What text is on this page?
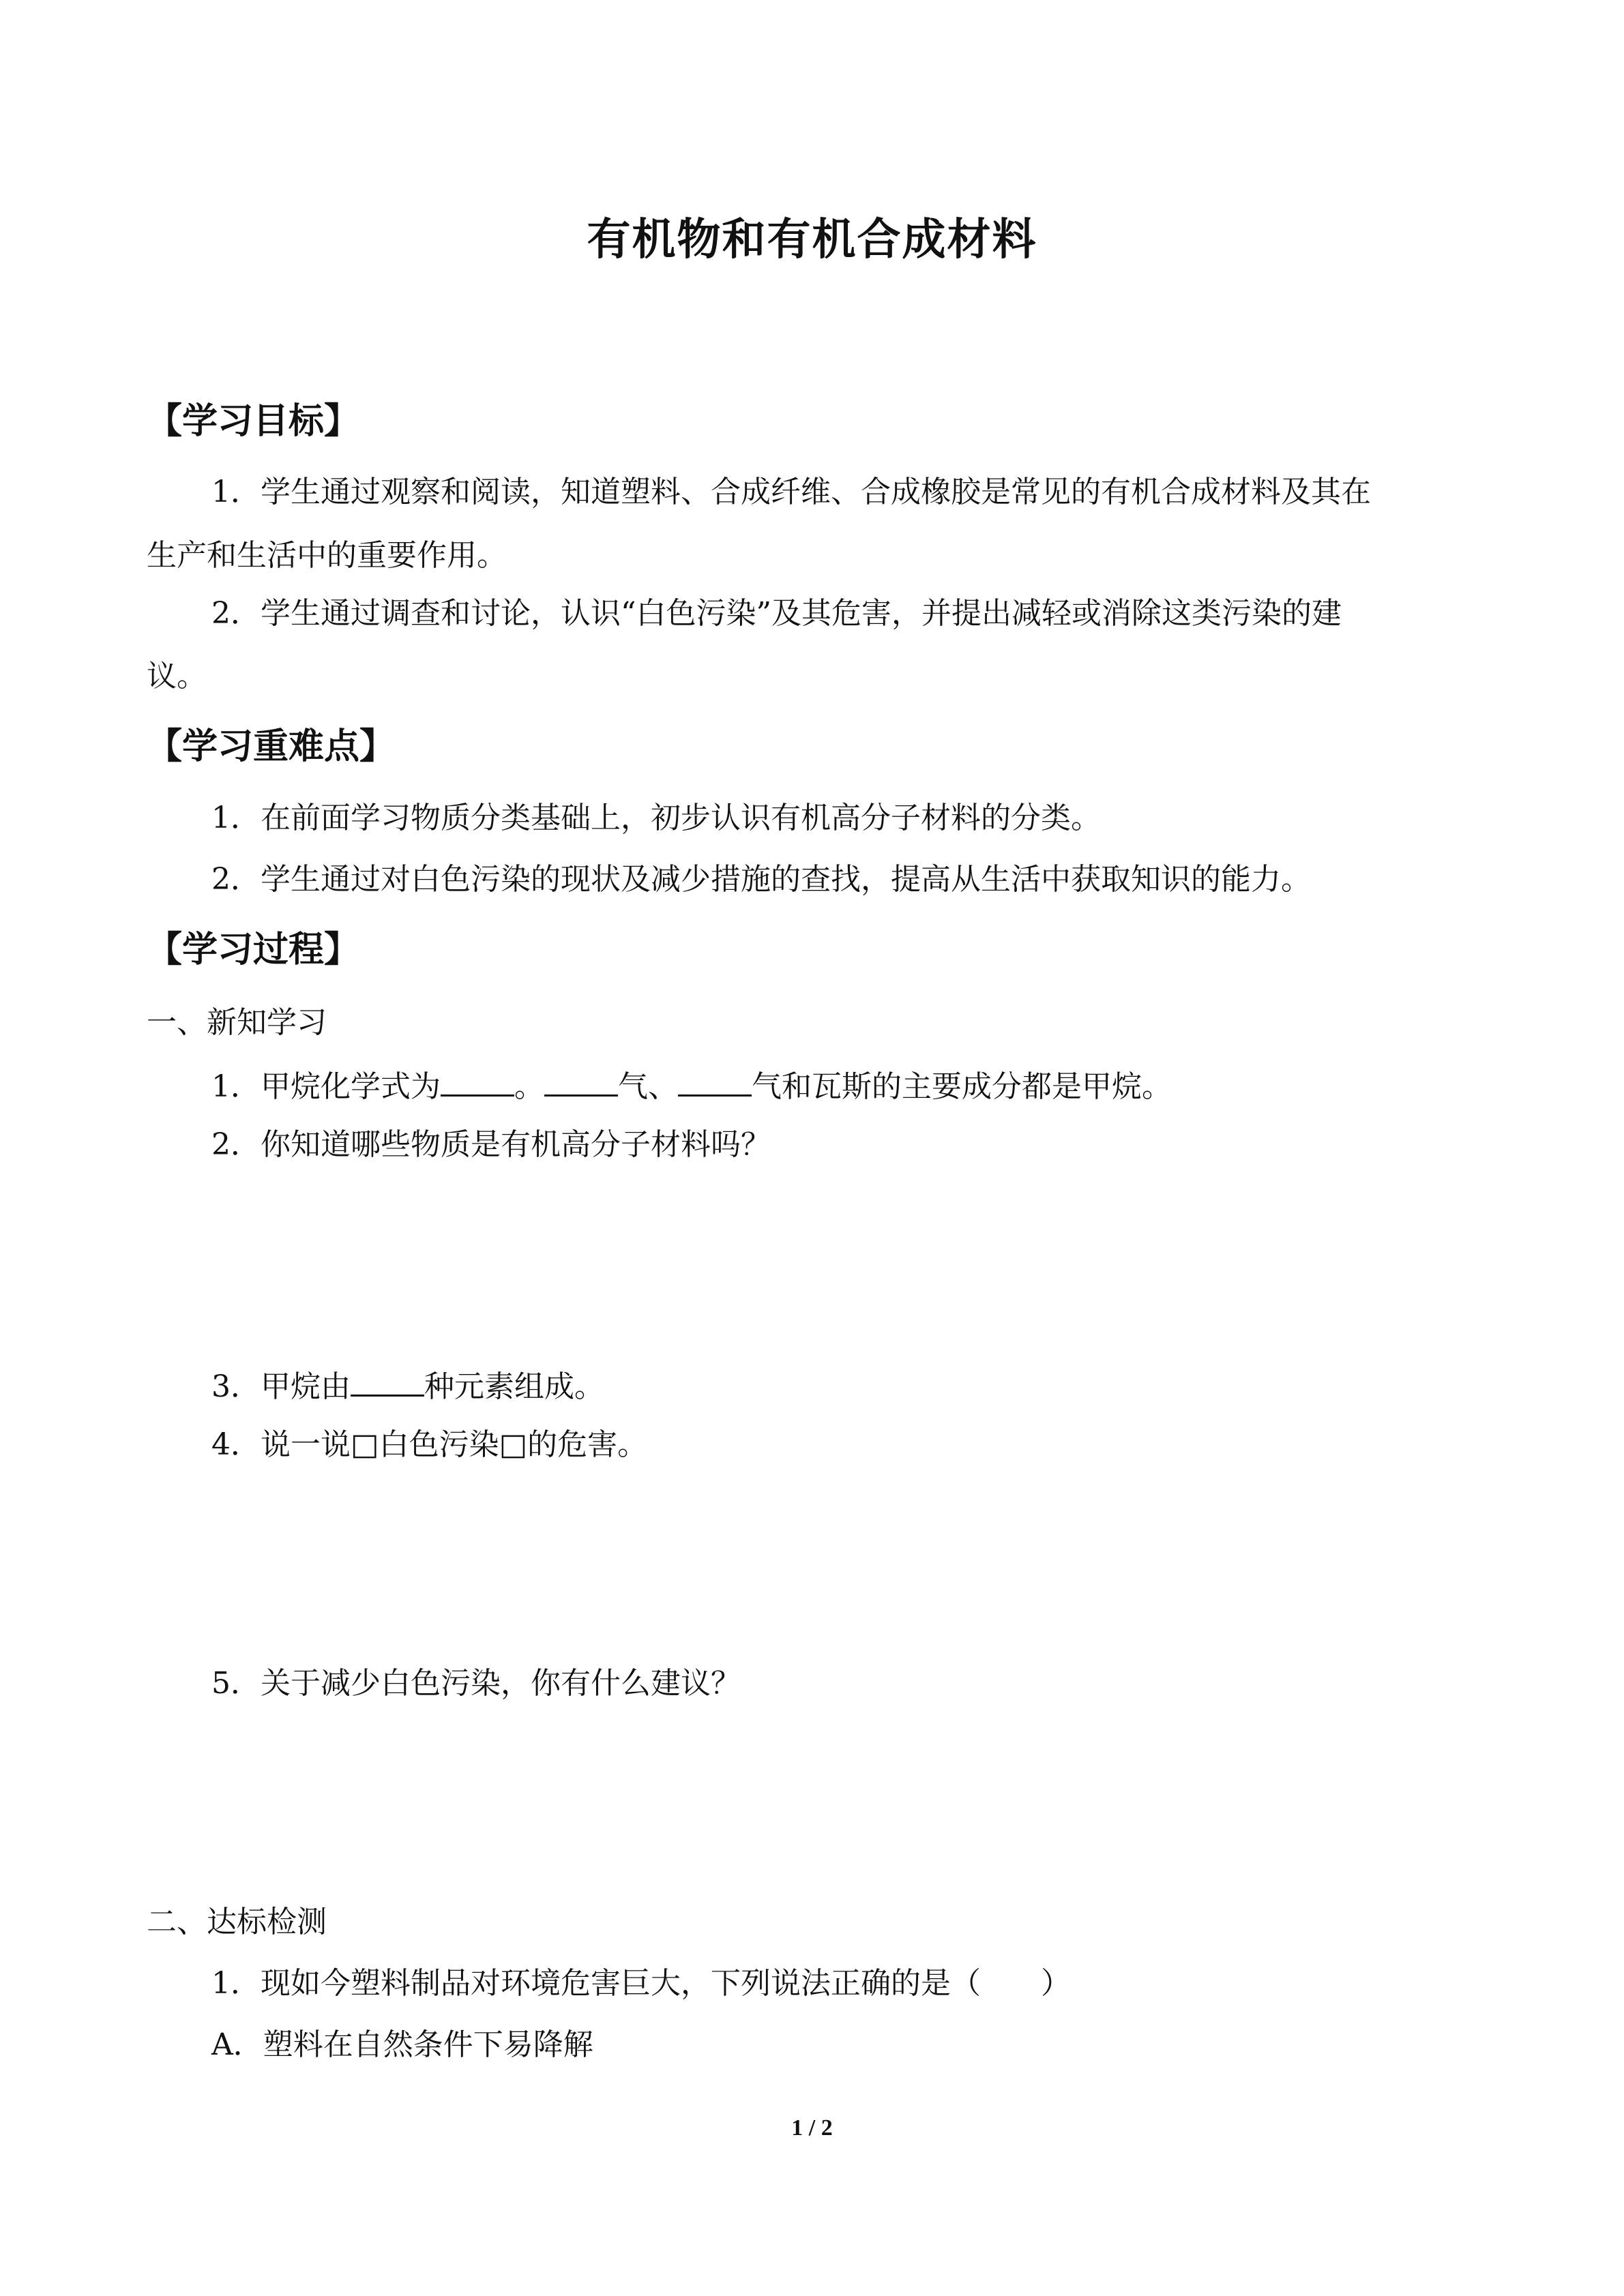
有机物和有机合成材料
【学习目标】

1．学生通过观察和阅读，知道塑料、合成纤维、合成橡胶是常见的有机合成材料及其在

生产和生活中的重要作用。

2．学生通过调查和讨论，认识“白色污染”及其危害，并提出减轻或消除这类污染的建

议。

【学习重难点】

1．在前面学习物质分类基础上，初步认识有机高分子材料的分类。

2．学生通过对白色污染的现状及减少措施的查找，提高从生活中获取知识的能力。

【学习过程】

一、新知学习

1．甲烷化学式为 。 气、 气和瓦斯的主要成分都是甲烷。

2．你知道哪些物质是有机高分子材料吗？

3．甲烷由 种元素组成。

4．说一说□白色污染□的危害。

5．关于减少白色污染，你有什么建议？

二、达标检测

1．现如今塑料制品对环境危害巨大，下列说法正确的是（　　）

A．塑料在自然条件下易降解

1 / 2
